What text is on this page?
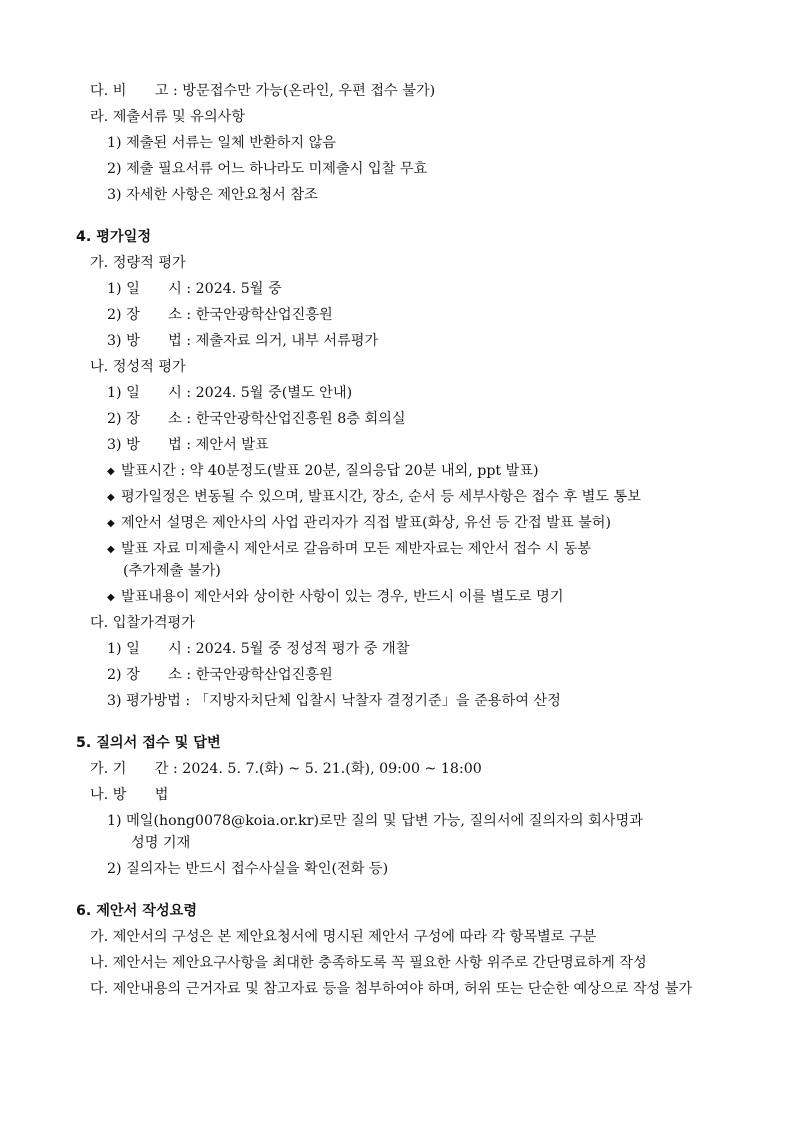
다. 비　　고 : 방문접수만 가능(온라인, 우편 접수 불가)
라. 제출서류 및 유의사항
1) 제출된 서류는 일체 반환하지 않음
2) 제출 필요서류 어느 하나라도 미제출시 입찰 무효
3) 자세한 사항은 제안요청서 참조
4. 평가일정
가. 정량적 평가
1) 일　　시 : 2024. 5월 중
2) 장　　소 : 한국안광학산업진흥원
3) 방　　법 : 제출자료 의거, 내부 서류평가
나. 정성적 평가
1) 일　　시 : 2024. 5월 중(별도 안내)
2) 장　　소 : 한국안광학산업진흥원 8층 회의실
3) 방　　법 : 제안서 발표
◆ 발표시간 : 약 40분정도(발표 20분, 질의응답 20분 내외, ppt 발표)
◆ 평가일정은 변동될 수 있으며, 발표시간, 장소, 순서 등 세부사항은 접수 후 별도 통보
◆ 제안서 설명은 제안사의 사업 관리자가 직접 발표(화상, 유선 등 간접 발표 불허)
◆ 발표 자료 미제출시 제안서로 갈음하며 모든 제반자료는 제안서 접수 시 동봉
(추가제출 불가)
◆ 발표내용이 제안서와 상이한 사항이 있는 경우, 반드시 이를 별도로 명기
다. 입찰가격평가
1) 일　　시 : 2024. 5월 중 정성적 평가 중 개찰
2) 장　　소 : 한국안광학산업진흥원
3) 평가방법 : 「지방자치단체 입찰시 낙찰자 결정기준」을 준용하여 산정
5. 질의서 접수 및 답변
가. 기　　간 : 2024. 5. 7.(화) ~ 5. 21.(화), 09:00 ~ 18:00
나. 방　　법
1) 메일(hong0078@koia.or.kr)로만 질의 및 답변 가능, 질의서에 질의자의 회사명과
성명 기재
2) 질의자는 반드시 접수사실을 확인(전화 등)
6. 제안서 작성요령
가. 제안서의 구성은 본 제안요청서에 명시된 제안서 구성에 따라 각 항목별로 구분
나. 제안서는 제안요구사항을 최대한 충족하도록 꼭 필요한 사항 위주로 간단명료하게 작성
다. 제안내용의 근거자료 및 참고자료 등을 첨부하여야 하며, 허위 또는 단순한 예상으로 작성 불가
